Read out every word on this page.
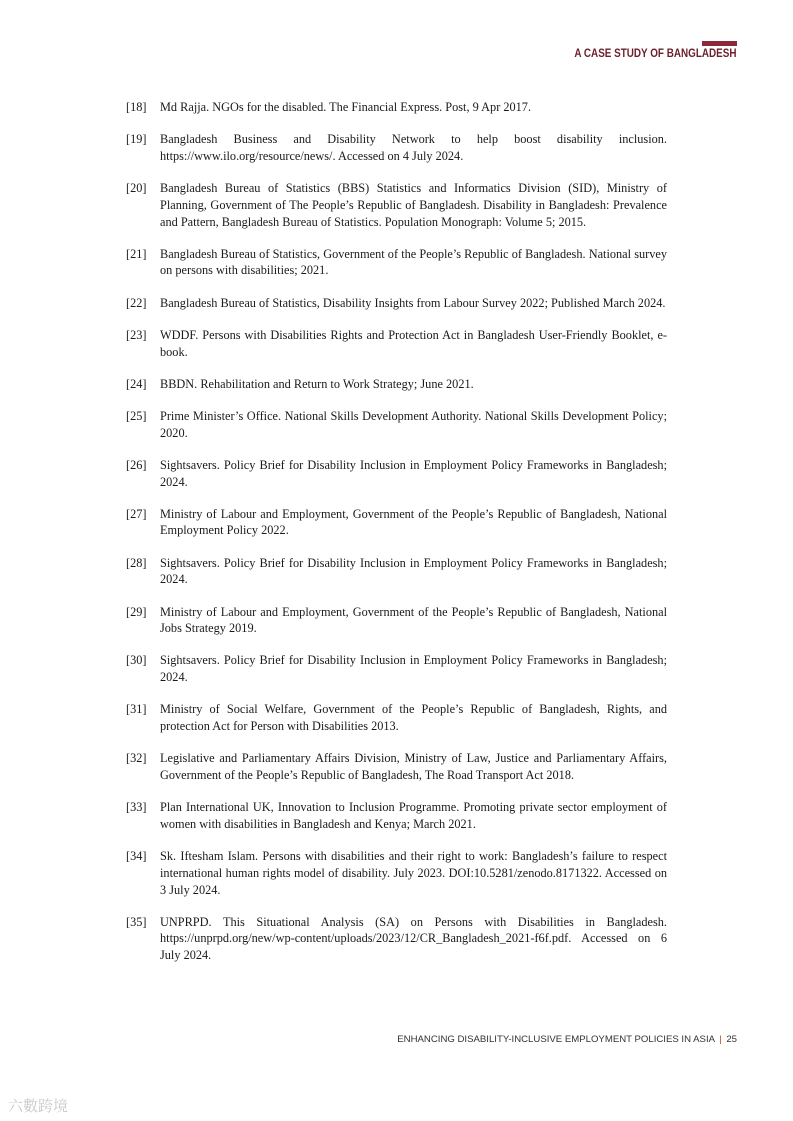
A CASE STUDY OF BANGLADESH
[18]	Md Rajja. NGOs for the disabled. The Financial Express. Post, 9 Apr 2017.
[19]	Bangladesh Business and Disability Network to help boost disability inclusion. https://www.ilo.org/resource/news/. Accessed on 4 July 2024.
[20]	Bangladesh Bureau of Statistics (BBS) Statistics and Informatics Division (SID), Ministry of Planning, Government of The People’s Republic of Bangladesh. Disability in Bangladesh: Prevalence and Pattern, Bangladesh Bureau of Statistics. Population Monograph: Volume 5; 2015.
[21]	Bangladesh Bureau of Statistics, Government of the People’s Republic of Bangladesh. National survey on persons with disabilities; 2021.
[22]	Bangladesh Bureau of Statistics, Disability Insights from Labour Survey 2022; Published March 2024.
[23]	WDDF. Persons with Disabilities Rights and Protection Act in Bangladesh User-Friendly Booklet, e-book.
[24]	BBDN. Rehabilitation and Return to Work Strategy; June 2021.
[25]	Prime Minister’s Office. National Skills Development Authority. National Skills Development Policy; 2020.
[26]	Sightsavers. Policy Brief for Disability Inclusion in Employment Policy Frameworks in Bangladesh; 2024.
[27]	Ministry of Labour and Employment, Government of the People’s Republic of Bangladesh, National Employment Policy 2022.
[28]	Sightsavers. Policy Brief for Disability Inclusion in Employment Policy Frameworks in Bangladesh; 2024.
[29]	Ministry of Labour and Employment, Government of the People’s Republic of Bangladesh, National Jobs Strategy 2019.
[30]	Sightsavers. Policy Brief for Disability Inclusion in Employment Policy Frameworks in Bangladesh; 2024.
[31]	Ministry of Social Welfare, Government of the People’s Republic of Bangladesh, Rights, and protection Act for Person with Disabilities 2013.
[32]	Legislative and Parliamentary Affairs Division, Ministry of Law, Justice and Parliamentary Affairs, Government of the People’s Republic of Bangladesh, The Road Transport Act 2018.
[33]	Plan International UK, Innovation to Inclusion Programme. Promoting private sector employment of women with disabilities in Bangladesh and Kenya; March 2021.
[34]	Sk. Iftesham Islam. Persons with disabilities and their right to work: Bangladesh’s failure to respect international human rights model of disability. July 2023. DOI:10.5281/zenodo.8171322. Accessed on 3 July 2024.
[35]	UNPRPD. This Situational Analysis (SA) on Persons with Disabilities in Bangladesh. https://unprpd.org/new/wp-content/uploads/2023/12/CR_Bangladesh_2021-f6f.pdf. Accessed on 6 July 2024.
ENHANCING DISABILITY-INCLUSIVE EMPLOYMENT POLICIES IN ASIA | 25
六數跨境
